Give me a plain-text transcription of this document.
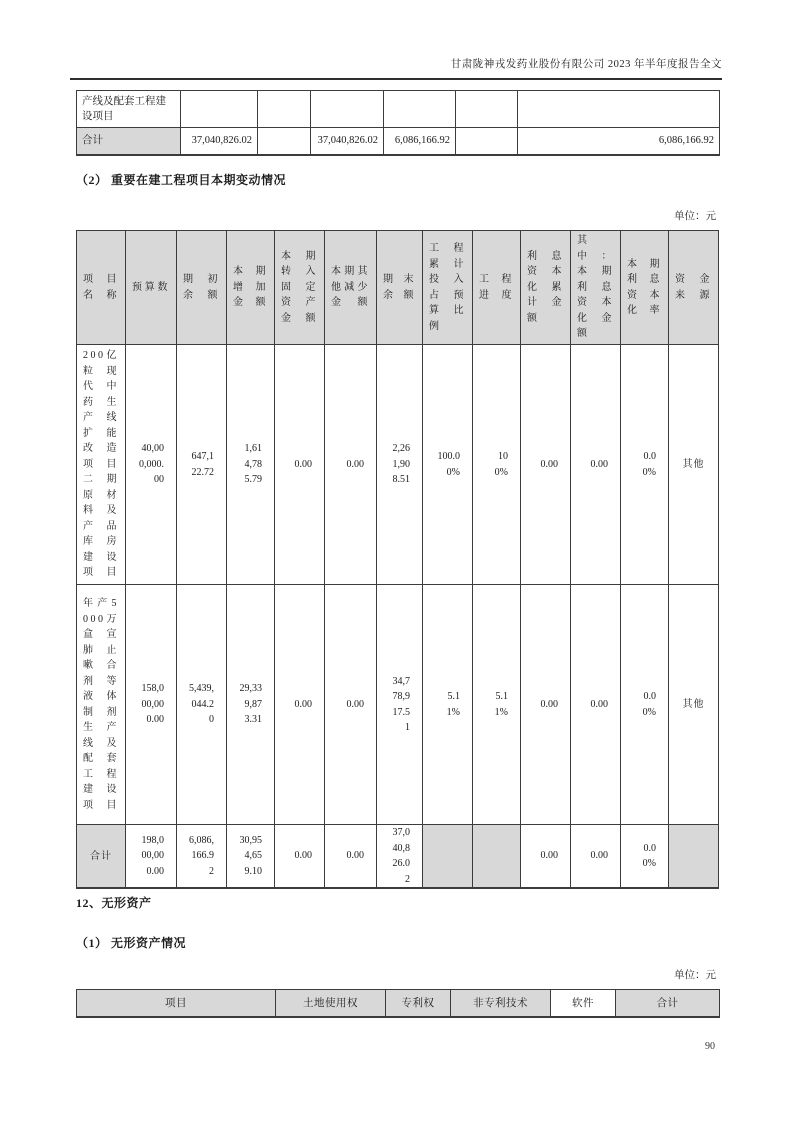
甘肃陇神戎发药业股份有限公司 2023 年半年度报告全文
产线及配套工程建设项目						
合计	37,040,826.02		37,040,826.02	6,086,166.92		6,086,166.92
（2） 重要在建工程项目本期变动情况
单位：元
项目名称	预算数	期初余额	本期增加金额	本期转入固定资产金额	本期其他减少金额	期末余额	工程累计投入占预算比例	工程进度	利息资本化累计金额	其中：本期利息资本化金额	本期利息资本化率	资金来源
200亿粒现代中药生产线扩能改造项目二期原材料及产品库房建设项目	40,000,000.00	647,122.72	1,614,785.79	0.00	0.00	2,261,908.51	100.00%	100%	0.00	0.00	0.00%	其他
年产5000万盒宣肺止嗽合剂等液体制剂生产线及配套工程建设项目	158,000,000.00	5,439,044.20	29,339,873.31	0.00	0.00	34,778,917.51	5.11%	5.11%	0.00	0.00	0.00%	其他
合计	198,000,000.00	6,086,166.92	30,954,659.10	0.00	0.00	37,040,826.02			0.00	0.00	0.00%	
12、无形资产
（1） 无形资产情况
单位：元
项目	土地使用权	专利权	非专利技术	软件	合计
90
